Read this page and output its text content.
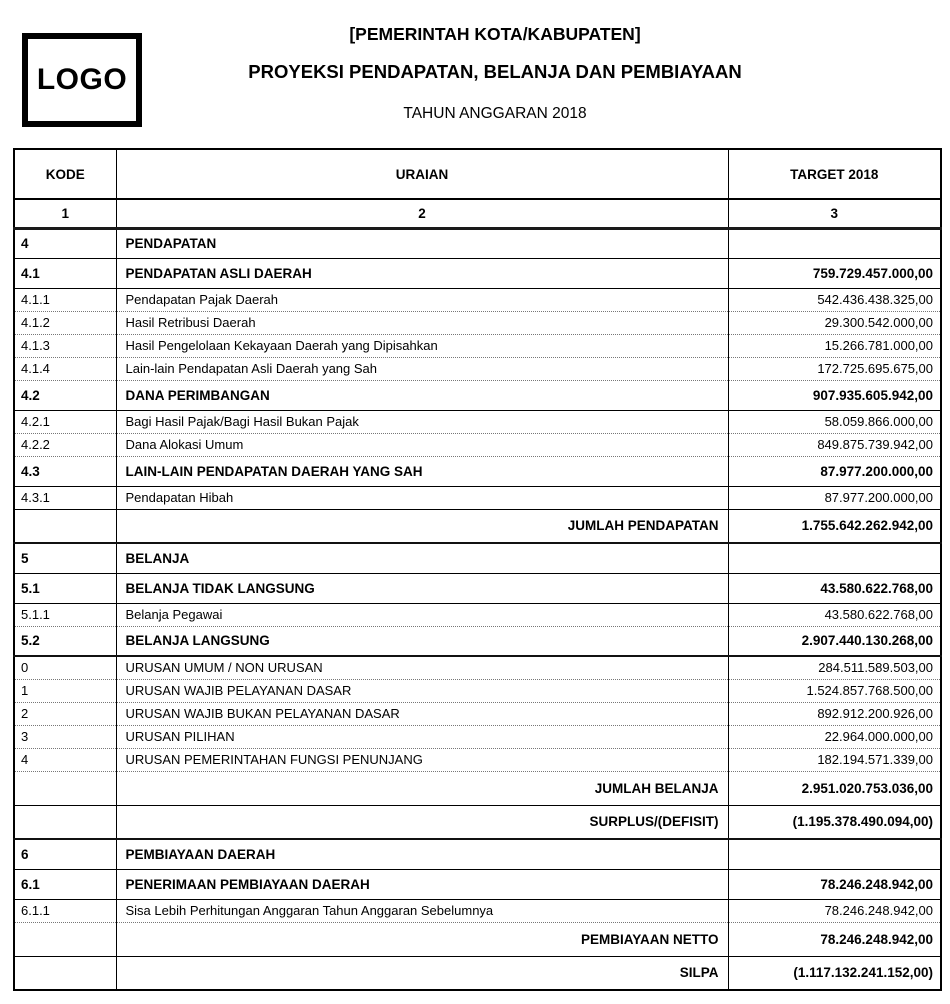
LOGO
[PEMERINTAH KOTA/KABUPATEN]
PROYEKSI PENDAPATAN, BELANJA DAN PEMBIAYAAN
TAHUN ANGGARAN 2018
KODE	URAIAN	TARGET 2018
1	2	3
4	PENDAPATAN	
4.1	PENDAPATAN ASLI DAERAH	759.729.457.000,00
4.1.1	Pendapatan Pajak Daerah	542.436.438.325,00
4.1.2	Hasil Retribusi Daerah	29.300.542.000,00
4.1.3	Hasil Pengelolaan Kekayaan Daerah yang Dipisahkan	15.266.781.000,00
4.1.4	Lain-lain Pendapatan Asli Daerah yang Sah	172.725.695.675,00
4.2	DANA PERIMBANGAN	907.935.605.942,00
4.2.1	Bagi Hasil Pajak/Bagi Hasil Bukan Pajak	58.059.866.000,00
4.2.2	Dana Alokasi Umum	849.875.739.942,00
4.3	LAIN-LAIN PENDAPATAN DAERAH YANG SAH	87.977.200.000,00
4.3.1	Pendapatan Hibah	87.977.200.000,00
	JUMLAH PENDAPATAN	1.755.642.262.942,00
5	BELANJA	
5.1	BELANJA TIDAK LANGSUNG	43.580.622.768,00
5.1.1	Belanja Pegawai	43.580.622.768,00
5.2	BELANJA LANGSUNG	2.907.440.130.268,00
0	URUSAN UMUM / NON URUSAN	284.511.589.503,00
1	URUSAN WAJIB PELAYANAN DASAR	1.524.857.768.500,00
2	URUSAN WAJIB BUKAN PELAYANAN DASAR	892.912.200.926,00
3	URUSAN PILIHAN	22.964.000.000,00
4	URUSAN PEMERINTAHAN FUNGSI PENUNJANG	182.194.571.339,00
	JUMLAH BELANJA	2.951.020.753.036,00
	SURPLUS/(DEFISIT)	(1.195.378.490.094,00)
6	PEMBIAYAAN DAERAH	
6.1	PENERIMAAN PEMBIAYAAN DAERAH	78.246.248.942,00
6.1.1	Sisa Lebih Perhitungan Anggaran Tahun Anggaran Sebelumnya	78.246.248.942,00
	PEMBIAYAAN NETTO	78.246.248.942,00
	SILPA	(1.117.132.241.152,00)
